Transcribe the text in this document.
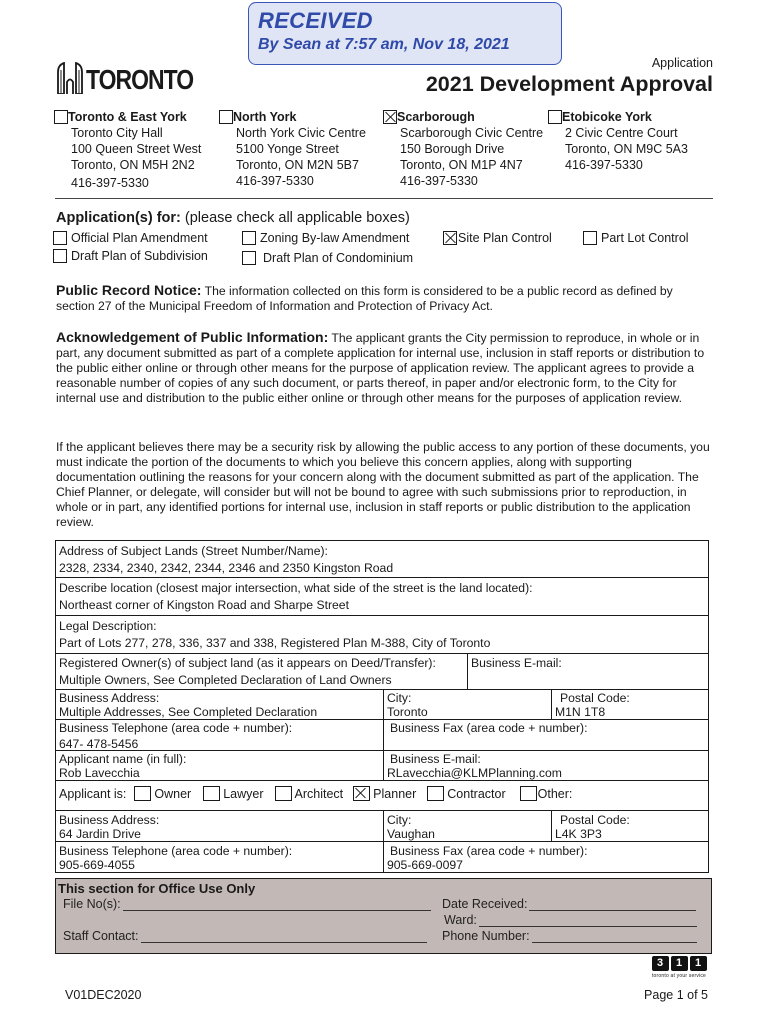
RECEIVED
By Sean at 7:57 am, Nov 18, 2021
TORONTO
Application
2021 Development Approval
Toronto & East York
Toronto City Hall
100 Queen Street West
Toronto, ON M5H 2N2
416-397-5330
North York
North York Civic Centre
5100 Yonge Street
Toronto, ON M2N 5B7
416-397-5330
Scarborough
Scarborough Civic Centre
150 Borough Drive
Toronto, ON M1P 4N7
416-397-5330
Etobicoke York
2 Civic Centre Court
Toronto, ON M9C 5A3
416-397-5330
Application(s) for: (please check all applicable boxes)
Official Plan Amendment	Zoning By-law Amendment	Site Plan Control	Part Lot Control
Draft Plan of Subdivision	Draft Plan of Condominium
Public Record Notice: The information collected on this form is considered to be a public record as defined by section 27 of the Municipal Freedom of Information and Protection of Privacy Act.
Acknowledgement of Public Information: The applicant grants the City permission to reproduce, in whole or in part, any document submitted as part of a complete application for internal use, inclusion in staff reports or distribution to the public either online or through other means for the purpose of application review. The applicant agrees to provide a reasonable number of copies of any such document, or parts thereof, in paper and/or electronic form, to the City for internal use and distribution to the public either online or through other means for the purposes of application review.
If the applicant believes there may be a security risk by allowing the public access to any portion of these documents, you must indicate the portion of the documents to which you believe this concern applies, along with supporting documentation outlining the reasons for your concern along with the document submitted as part of the application. The Chief Planner, or delegate, will consider but will not be bound to agree with such submissions prior to reproduction, in whole or in part, any identified portions for internal use, inclusion in staff reports or public distribution to the application review.
Address of Subject Lands (Street Number/Name):
2328, 2334, 2340, 2342, 2344, 2346 and 2350 Kingston Road
Describe location (closest major intersection, what side of the street is the land located):
Northeast corner of Kingston Road and Sharpe Street
Legal Description:
Part of Lots 277, 278, 336, 337 and 338, Registered Plan M-388, City of Toronto
Registered Owner(s) of subject land (as it appears on Deed/Transfer):
Multiple Owners, See Completed Declaration of Land Owners
Business E-mail:
Business Address:
Multiple Addresses, See Completed Declaration
City:
Toronto
Postal Code:
M1N 1T8
Business Telephone (area code + number):
647- 478-5456
Business Fax (area code + number):
Applicant name (in full):
Rob Lavecchia
Business E-mail:
RLavecchia@KLMPlanning.com
Applicant is: Owner	Lawyer Architect Planner Contractor	Other:
Business Address:
64 Jardin Drive
City:
Vaughan
Postal Code:
L4K 3P3
Business Telephone (area code + number):
905-669-4055
Business Fax (area code + number):
905-669-0097
This section for Office Use Only
File No(s):	Date Received:
Ward:
Staff Contact:	Phone Number:
3	1	1
toronto at your service
V01DEC2020	Page 1 of 5
